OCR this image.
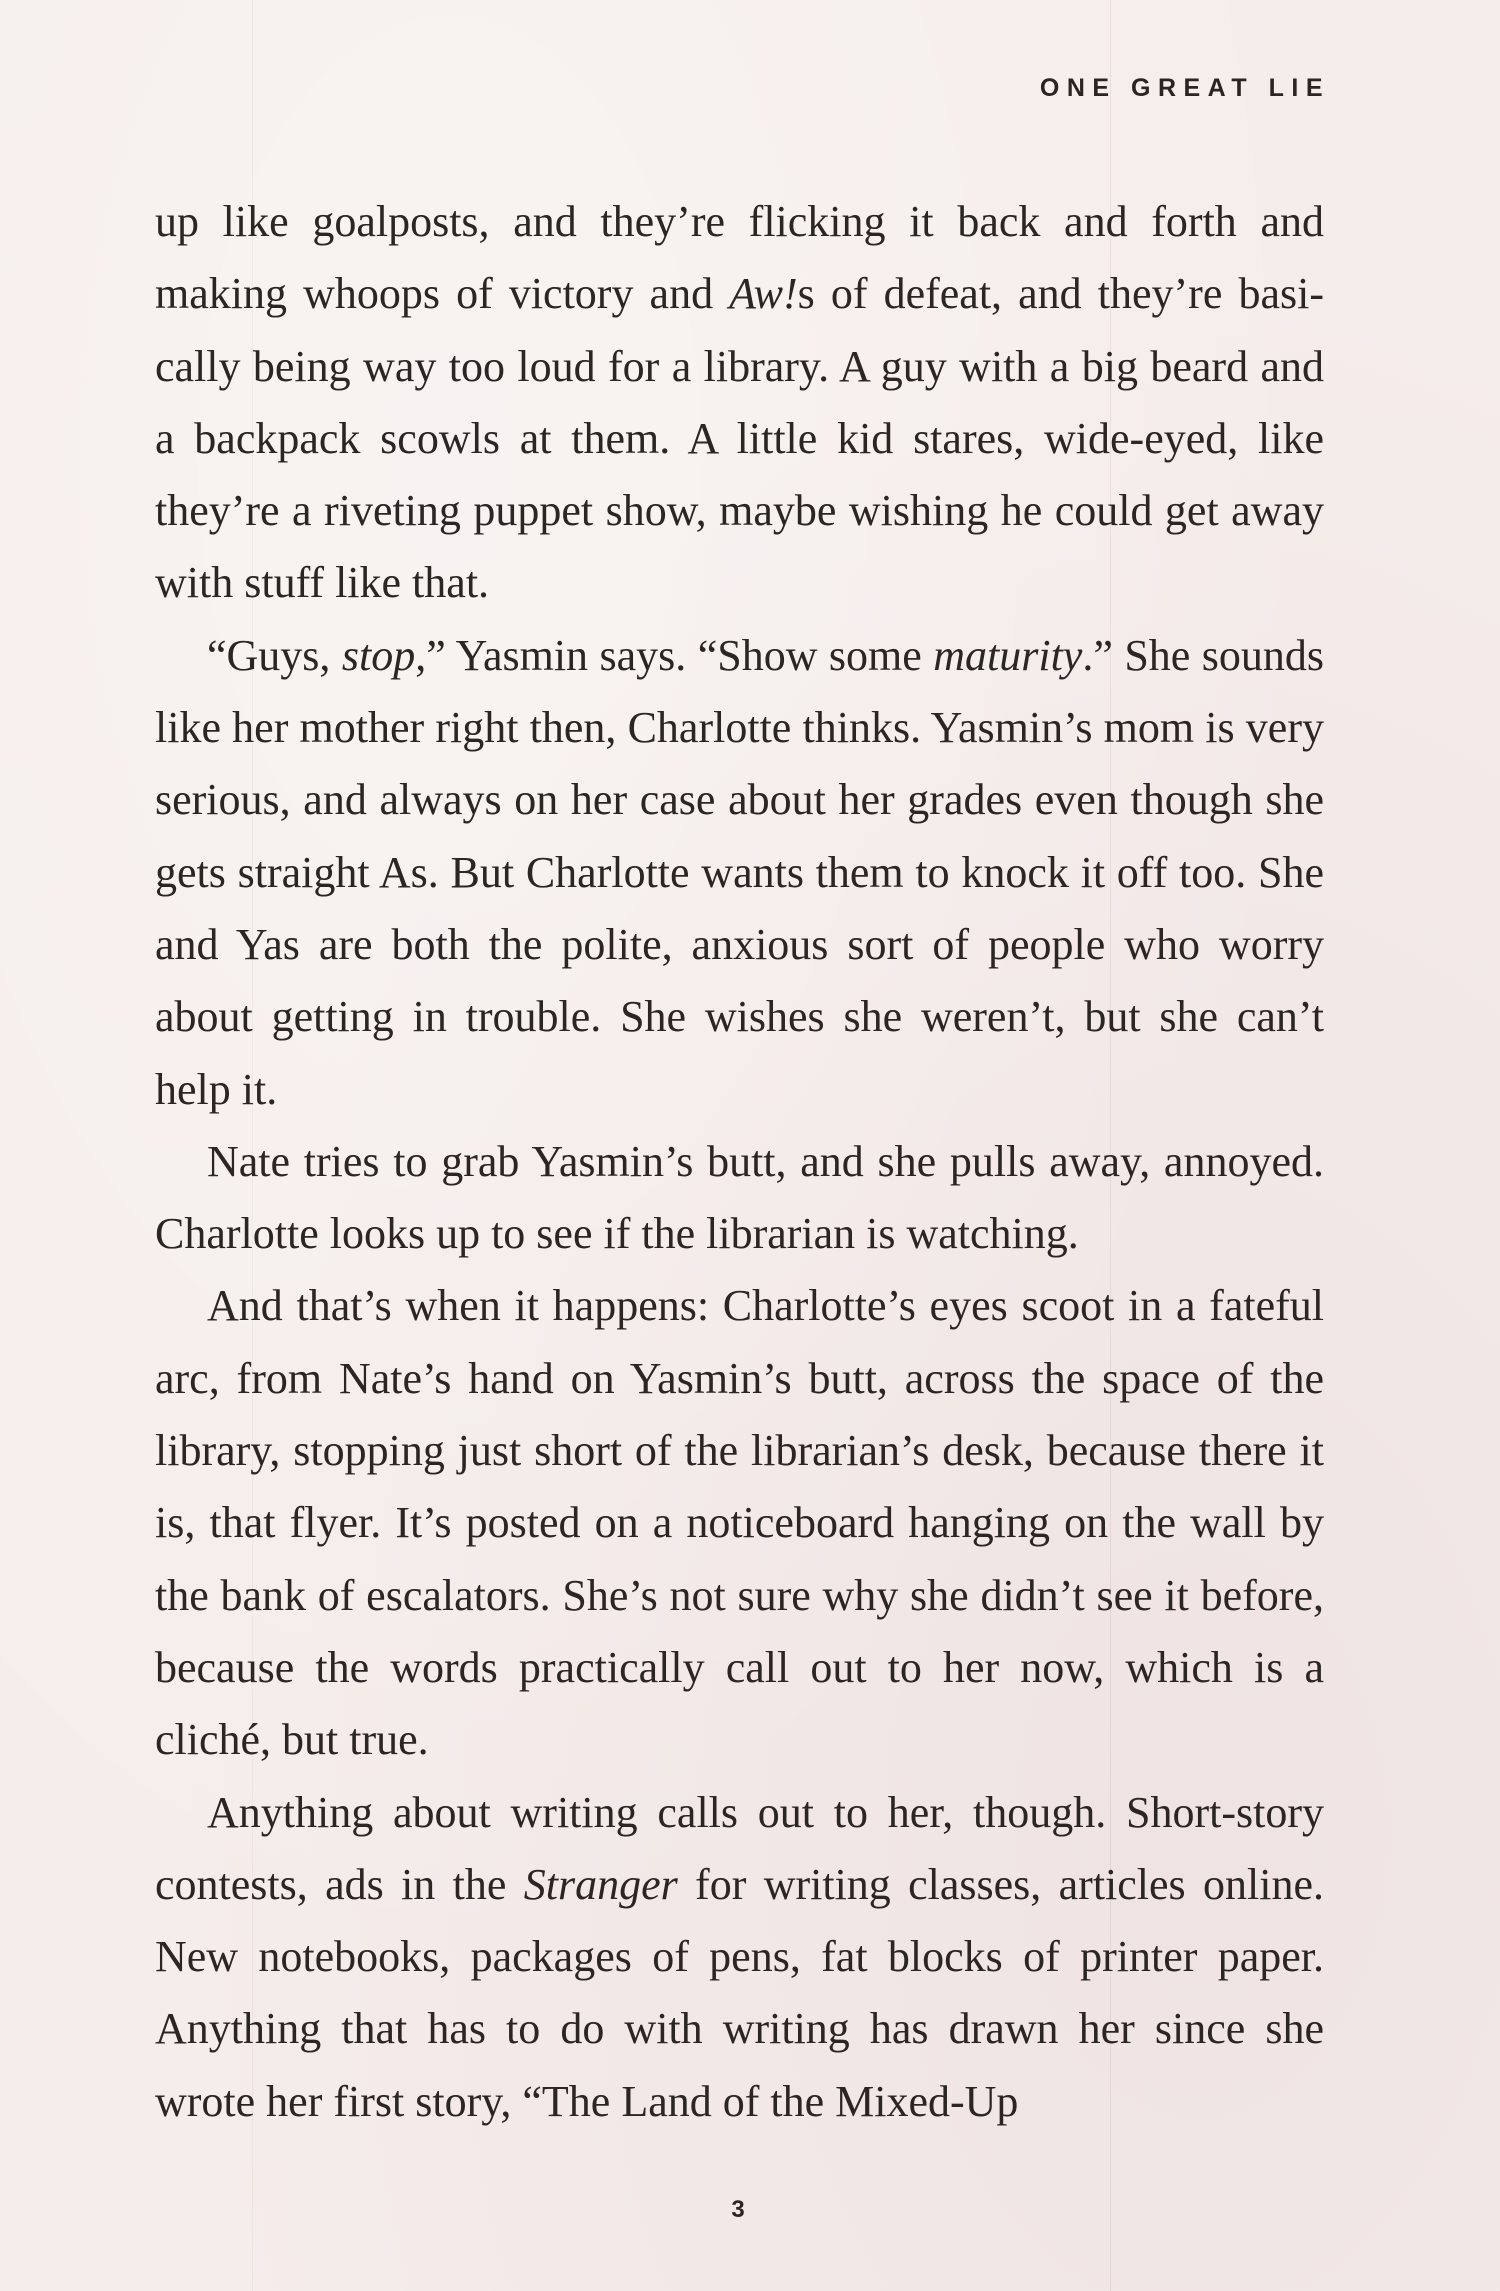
ONE GREAT LIE

up like goalposts, and they’re flicking it back and forth and making whoops of victory and Aw!s of defeat, and they’re basically being way too loud for a library. A guy with a big beard and a backpack scowls at them. A little kid stares, wide-eyed, like they’re a riveting puppet show, maybe wishing he could get away with stuff like that.

“Guys, stop,” Yasmin says. “Show some maturity.” She sounds like her mother right then, Charlotte thinks. Yasmin’s mom is very serious, and always on her case about her grades even though she gets straight As. But Charlotte wants them to knock it off too. She and Yas are both the polite, anxious sort of people who worry about getting in trouble. She wishes she weren’t, but she can’t help it.

Nate tries to grab Yasmin’s butt, and she pulls away, annoyed. Charlotte looks up to see if the librarian is watching.

And that’s when it happens: Charlotte’s eyes scoot in a fateful arc, from Nate’s hand on Yasmin’s butt, across the space of the library, stopping just short of the librarian’s desk, because there it is, that flyer. It’s posted on a noticeboard hanging on the wall by the bank of escalators. She’s not sure why she didn’t see it before, because the words practically call out to her now, which is a cliché, but true.

Anything about writing calls out to her, though. Short-story contests, ads in the Stranger for writing classes, articles online. New notebooks, packages of pens, fat blocks of printer paper. Anything that has to do with writing has drawn her since she wrote her first story, “The Land of the Mixed-Up

3
